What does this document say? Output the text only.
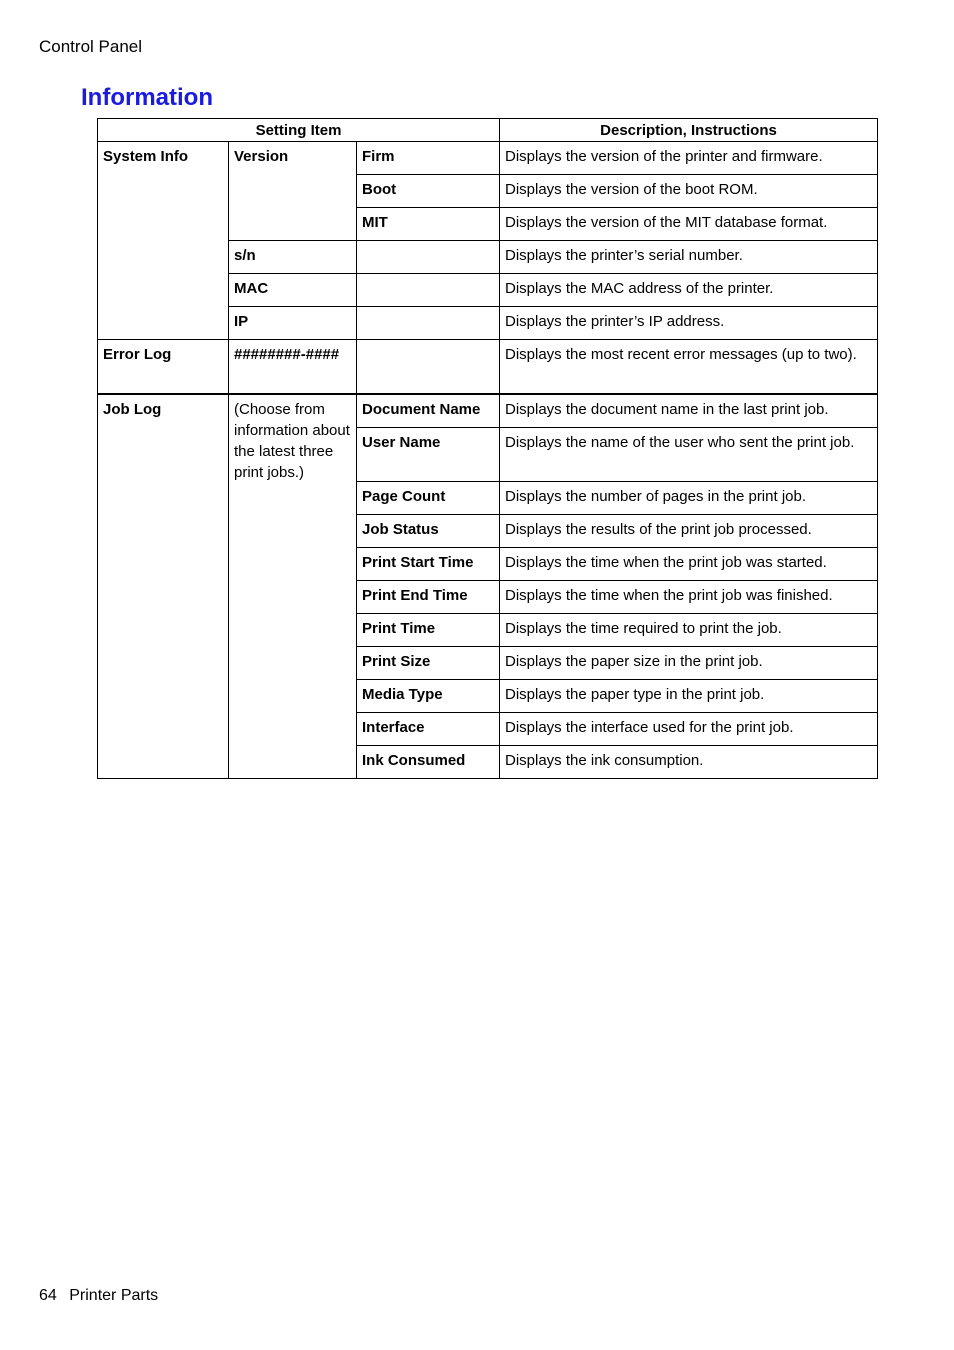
Control Panel
Information
Setting Item			Description, Instructions
System Info	Version	Firm	Displays the version of the printer and firmware.
		Boot	Displays the version of the boot ROM.
		MIT	Displays the version of the MIT database format.
	s/n		Displays the printer’s serial number.
	MAC		Displays the MAC address of the printer.
	IP		Displays the printer’s IP address.
Error Log	########-####		Displays the most recent error messages (up to two).
Job Log	(Choose from information about the latest three print jobs.)	Document Name	Displays the document name in the last print job.
		User Name	Displays the name of the user who sent the print job.
		Page Count	Displays the number of pages in the print job.
		Job Status	Displays the results of the print job processed.
		Print Start Time	Displays the time when the print job was started.
		Print End Time	Displays the time when the print job was finished.
		Print Time	Displays the time required to print the job.
		Print Size	Displays the paper size in the print job.
		Media Type	Displays the paper type in the print job.
		Interface	Displays the interface used for the print job.
		Ink Consumed	Displays the ink consumption.
64 Printer Parts
